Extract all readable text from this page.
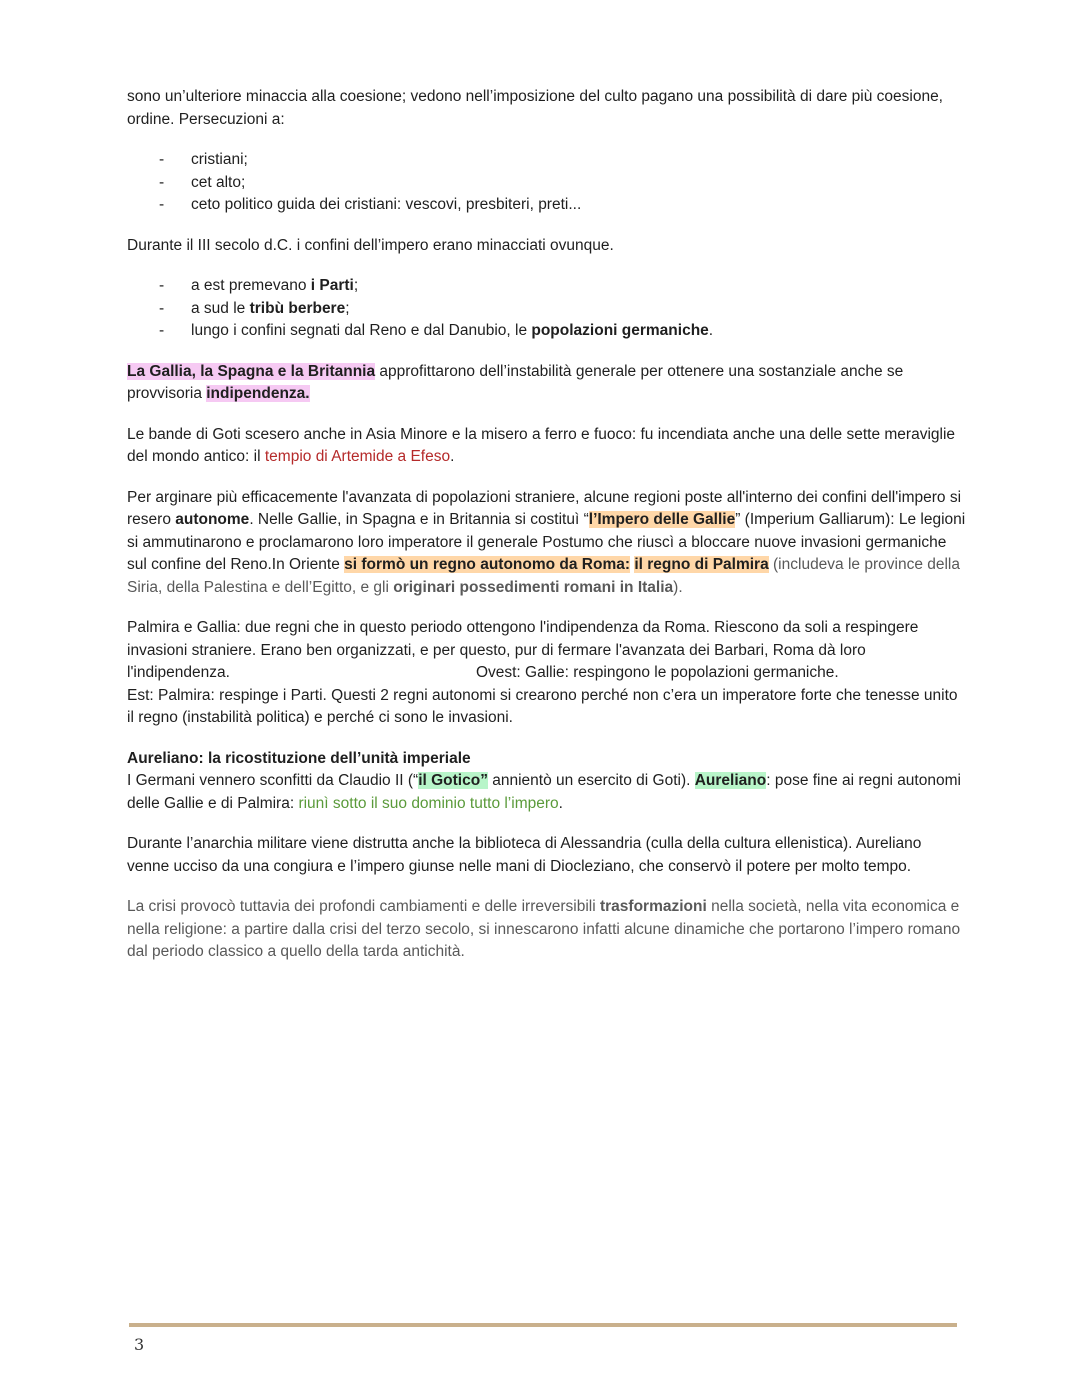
sono un’ulteriore minaccia alla coesione; vedono nell’imposizione del culto pagano una possibilità di dare più coesione, ordine. Persecuzioni a:

- cristiani;
- cet alto;
- ceto politico guida dei cristiani: vescovi, presbiteri, preti...

Durante il III secolo d.C. i confini dell’impero erano minacciati ovunque.

- a est premevano i Parti;
- a sud le tribù berbere;
- lungo i confini segnati dal Reno e dal Danubio, le popolazioni germaniche.

La Gallia, la Spagna e la Britannia approfittarono dell’instabilità generale per ottenere una sostanziale anche se provvisoria indipendenza.

Le bande di Goti scesero anche in Asia Minore e la misero a ferro e fuoco: fu incendiata anche una delle sette meraviglie del mondo antico: il tempio di Artemide a Efeso.

Per arginare più efficacemente l'avanzata di popolazioni straniere, alcune regioni poste all'interno dei confini dell'impero si resero autonome. Nelle Gallie, in Spagna e in Britannia si costituì “l’Impero delle Gallie” (Imperium Galliarum): Le legioni si ammutinarono e proclamarono loro imperatore il generale Postumo che riuscì a bloccare nuove invasioni germaniche sul confine del Reno.In Oriente si formò un regno autonomo da Roma: il regno di Palmira (includeva le province della Siria, della Palestina e dell’Egitto, e gli originari possedimenti romani in Italia).

Palmira e Gallia: due regni che in questo periodo ottengono l'indipendenza da Roma. Riescono da soli a respingere invasioni straniere. Erano ben organizzati, e per questo, pur di fermare l'avanzata dei Barbari, Roma dà loro l'indipendenza.	Ovest: Gallie: respingono le popolazioni germaniche.
Est: Palmira: respinge i Parti. Questi 2 regni autonomi si crearono perché non c’era un imperatore forte che tenesse unito il regno (instabilità politica) e perché ci sono le invasioni.

Aureliano: la ricostituzione dell’unità imperiale
I Germani vennero sconfitti da Claudio II (“il Gotico” annientò un esercito di Goti). Aureliano: pose fine ai regni autonomi delle Gallie e di Palmira: riunì sotto il suo dominio tutto l’impero.

Durante l’anarchia militare viene distrutta anche la biblioteca di Alessandria (culla della cultura ellenistica). Aureliano venne ucciso da una congiura e l’impero giunse nelle mani di Diocleziano, che conservò il potere per molto tempo.

La crisi provocò tuttavia dei profondi cambiamenti e delle irreversibili trasformazioni nella società, nella vita economica e nella religione: a partire dalla crisi del terzo secolo, si innescarono infatti alcune dinamiche che portarono l’impero romano dal periodo classico a quello della tarda antichità.

3
